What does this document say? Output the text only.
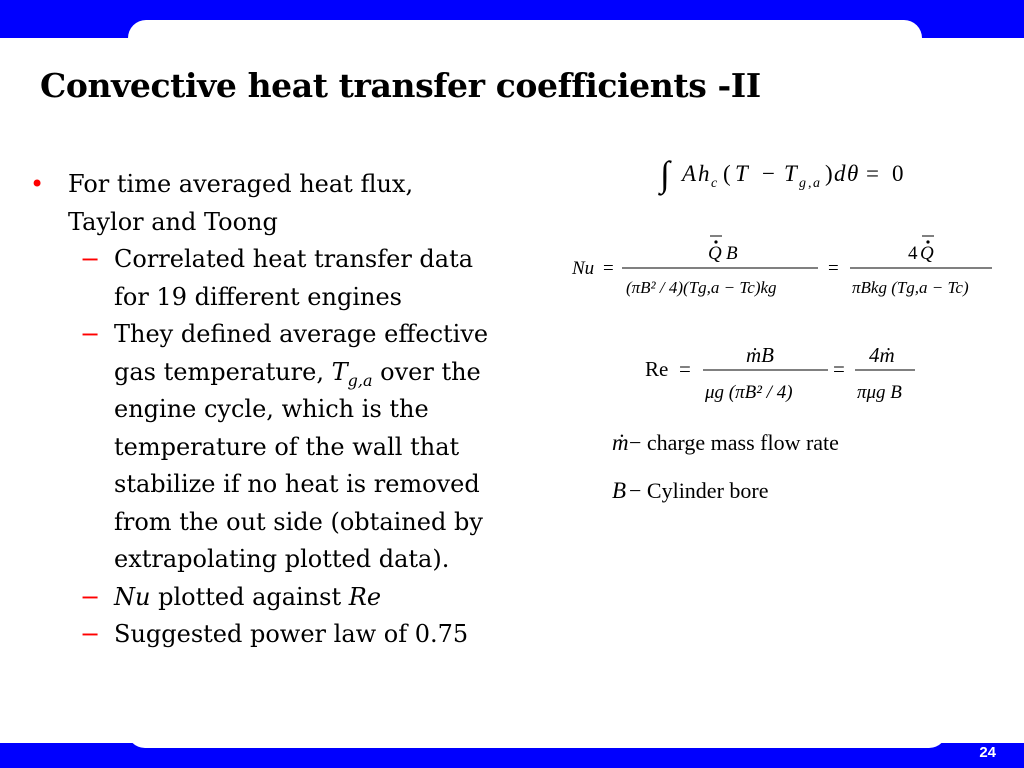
Convective heat transfer coefficients -II
• For time averaged heat flux,
Taylor and Toong
− Correlated heat transfer data
for 19 different engines
− They defined average effective
gas temperature, $T_{g,a}$ over the
engine cycle, which is the
temperature of the wall that
stabilize if no heat is removed
from the out side (obtained by
extrapolating plotted data).
− Nu plotted against Re
− Suggested power law of 0.75
∫ A h c ( T − T g , a ) d θ = 0
Nu =
Q B
(πB² / 4)(Tg,a − Tc)kg
=
4 Q
πBkg (Tg,a − Tc)
Re =
ṁB
μg (πB² / 4)
=
4ṁ
πμg B
ṁ − charge mass flow rate
B − Cylinder bore
24
